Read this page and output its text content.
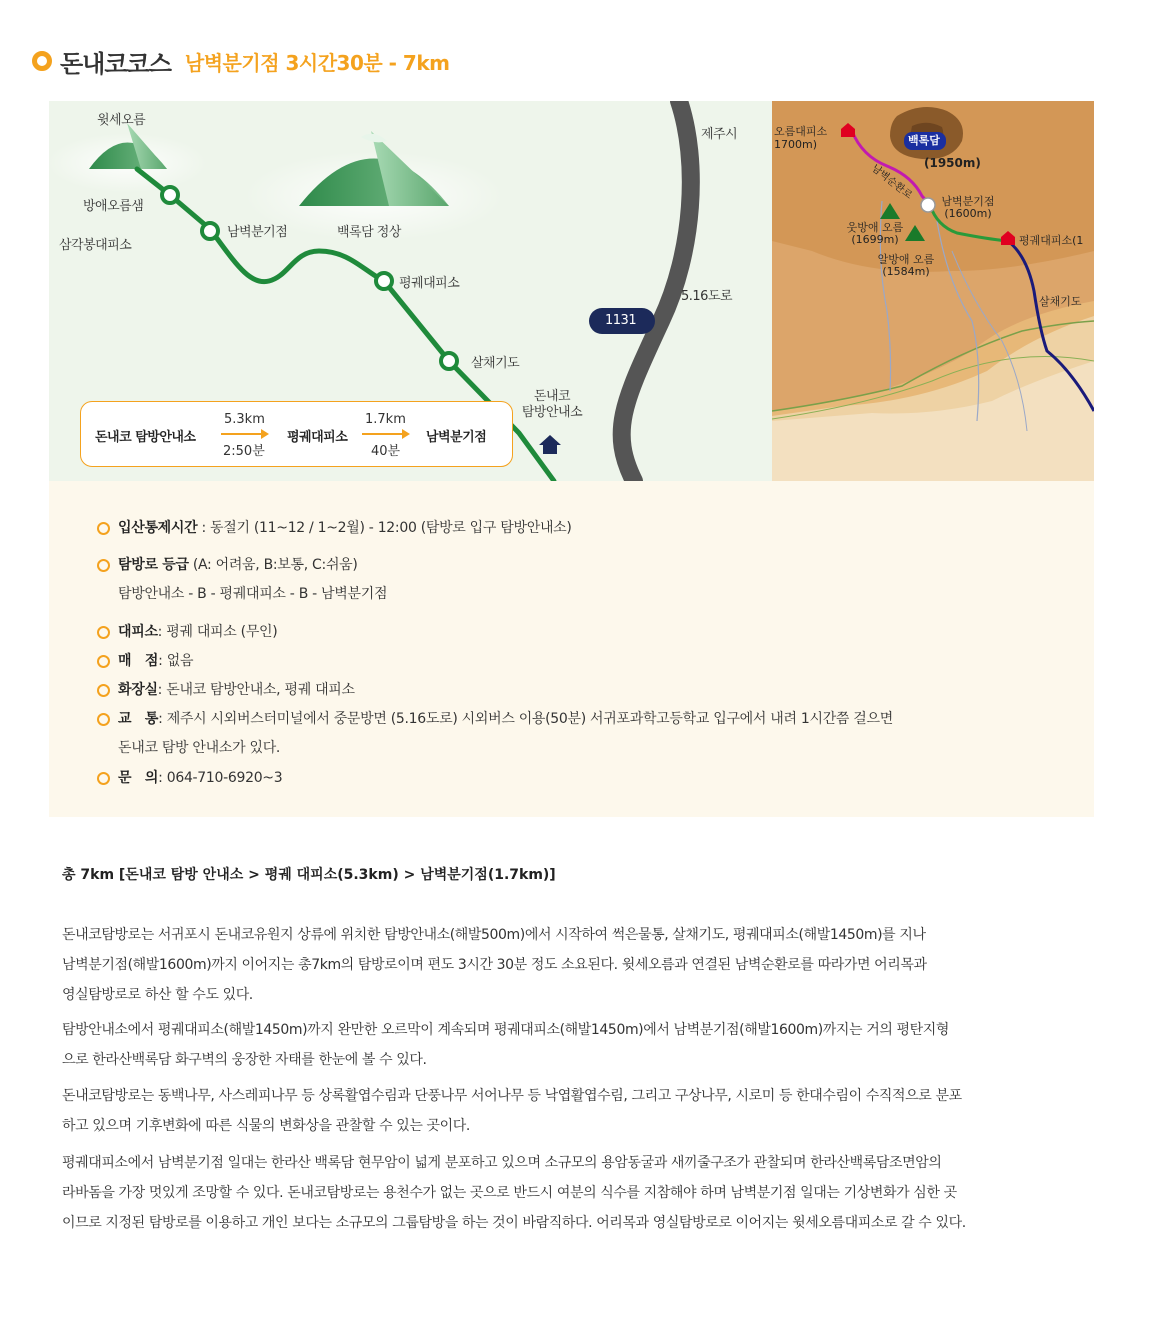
돈내코코스 남벽분기점 3시간30분 - 7km
윗세오름
방애오름샘
삼각봉대피소
남벽분기점	백록담 정상
평궤대피소
살채기도
제주시
5.16도로
1131
돈내코
탐방안내소
돈내코 탐방안내소
5.3km
2:50분
평궤대피소
1.7km
40분
남벽분기점
오름대피소
1700m)	백록담
(1950m)
남벽순환로
남벽분기점
(1600m)
웃방애 오름
(1699m)
알방애 오름
(1584m)
평궤대피소(1
살채기도
입산통제시간 : 동절기 (11~12 / 1~2월) - 12:00 (탐방로 입구 탐방안내소)
탐방로 등급 (A: 어려움, B:보통, C:쉬움)
탐방안내소 - B - 평궤대피소 - B - 남벽분기점
대피소: 평궤 대피소 (무인)
매　점: 없음
화장실: 돈내코 탐방안내소, 평궤 대피소
교　통: 제주시 시외버스터미널에서 중문방면 (5.16도로) 시외버스 이용(50분) 서귀포과학고등학교 입구에서 내려 1시간쯤 걸으면
돈내코 탐방 안내소가 있다.
문　의: 064-710-6920~3
총 7km [돈내코 탐방 안내소 > 평궤 대피소(5.3km) > 남벽분기점(1.7km)]
돈내코탐방로는 서귀포시 돈내코유원지 상류에 위치한 탐방안내소(해발500m)에서 시작하여 썩은물통, 살채기도, 평궤대피소(해발1450m)를 지나
남벽분기점(해발1600m)까지 이어지는 총7km의 탐방로이며 편도 3시간 30분 정도 소요된다. 윗세오름과 연결된 남벽순환로를 따라가면 어리목과
영실탐방로로 하산 할 수도 있다.
탐방안내소에서 평궤대피소(해발1450m)까지 완만한 오르막이 계속되며 평궤대피소(해발1450m)에서 남벽분기점(해발1600m)까지는 거의 평탄지형
으로 한라산백록담 화구벽의 웅장한 자태를 한눈에 볼 수 있다.
돈내코탐방로는 동백나무, 사스레피나무 등 상록활엽수림과 단풍나무 서어나무 등 낙엽활엽수림, 그리고 구상나무, 시로미 등 한대수림이 수직적으로 분포
하고 있으며 기후변화에 따른 식물의 변화상을 관찰할 수 있는 곳이다.
평궤대피소에서 남벽분기점 일대는 한라산 백록담 현무암이 넓게 분포하고 있으며 소규모의 용암동굴과 새끼줄구조가 관찰되며 한라산백록담조면암의
라바돔을 가장 멋있게 조망할 수 있다. 돈내코탐방로는 용천수가 없는 곳으로 반드시 여분의 식수를 지참해야 하며 남벽분기점 일대는 기상변화가 심한 곳
이므로 지정된 탐방로를 이용하고 개인 보다는 소규모의 그룹탐방을 하는 것이 바람직하다. 어리목과 영실탐방로로 이어지는 윗세오름대피소로 갈 수 있다.
